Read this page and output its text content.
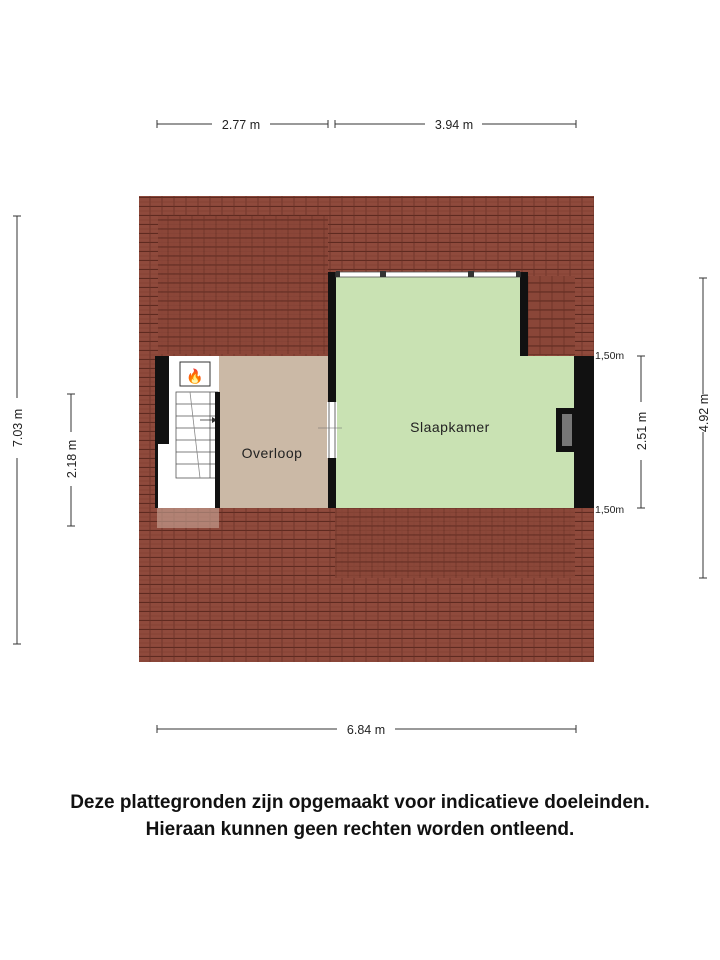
🔥
Overloop
Slaapkamer
2.77 m	3.94 m
6.84 m
7.03 m
2.18 m
4.92 m
2.51 m
1,50m
1,50m
Deze plattegronden zijn opgemaakt voor indicatieve doeleinden.
Hieraan kunnen geen rechten worden ontleend.
